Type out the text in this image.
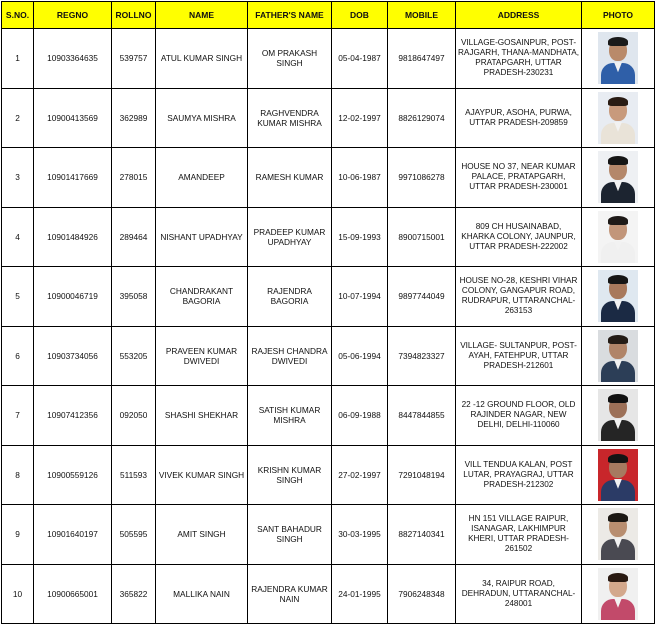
S.NO.	REGNO	ROLLNO	NAME	FATHER'S NAME	DOB	MOBILE	ADDRESS	PHOTO
1	10903364635	539757	ATUL KUMAR SINGH	OM PRAKASH SINGH	05-04-1987	9818647497	VILLAGE-GOSAINPUR, POST-RAJGARH, THANA-MANDHATA, PRATAPGARH, UTTAR PRADESH-230231	

2	10900413569	362989	SAUMYA MISHRA	RAGHVENDRA KUMAR MISHRA	12-02-1997	8826129074	AJAYPUR, ASOHA, PURWA, UTTAR PRADESH-209859	

3	10901417669	278015	AMANDEEP	RAMESH KUMAR	10-06-1987	9971086278	HOUSE NO 37, NEAR KUMAR PALACE, PRATAPGARH, UTTAR PRADESH-230001	

4	10901484926	289464	NISHANT UPADHYAY	PRADEEP KUMAR UPADHYAY	15-09-1993	8900715001	809 CH HUSAINABAD, KHARKA COLONY, JAUNPUR, UTTAR PRADESH-222002	

5	10900046719	395058	CHANDRAKANT BAGORIA	RAJENDRA BAGORIA	10-07-1994	9897744049	HOUSE NO-28, KESHRI VIHAR COLONY, GANGAPUR ROAD, RUDRAPUR, UTTARANCHAL-263153	

6	10903734056	553205	PRAVEEN KUMAR DWIVEDI	RAJESH CHANDRA DWIVEDI	05-06-1994	7394823327	VILLAGE- SULTANPUR, POST-AYAH, FATEHPUR, UTTAR PRADESH-212601	

7	10907412356	092050	SHASHI SHEKHAR	SATISH KUMAR MISHRA	06-09-1988	8447844855	22 -12 GROUND FLOOR, OLD RAJINDER NAGAR, NEW DELHI, DELHI-110060	

8	10900559126	511593	VIVEK KUMAR SINGH	KRISHN KUMAR SINGH	27-02-1997	7291048194	VILL TENDUA KALAN, POST LUTAR, PRAYAGRAJ, UTTAR PRADESH-212302	

9	10901640197	505595	AMIT SINGH	SANT BAHADUR SINGH	30-03-1995	8827140341	HN 151 VILLAGE RAIPUR, ISANAGAR, LAKHIMPUR KHERI, UTTAR PRADESH-261502	

10	10900665001	365822	MALLIKA NAIN	RAJENDRA KUMAR NAIN	24-01-1995	7906248348	34, RAIPUR ROAD, DEHRADUN, UTTARANCHAL-248001	
